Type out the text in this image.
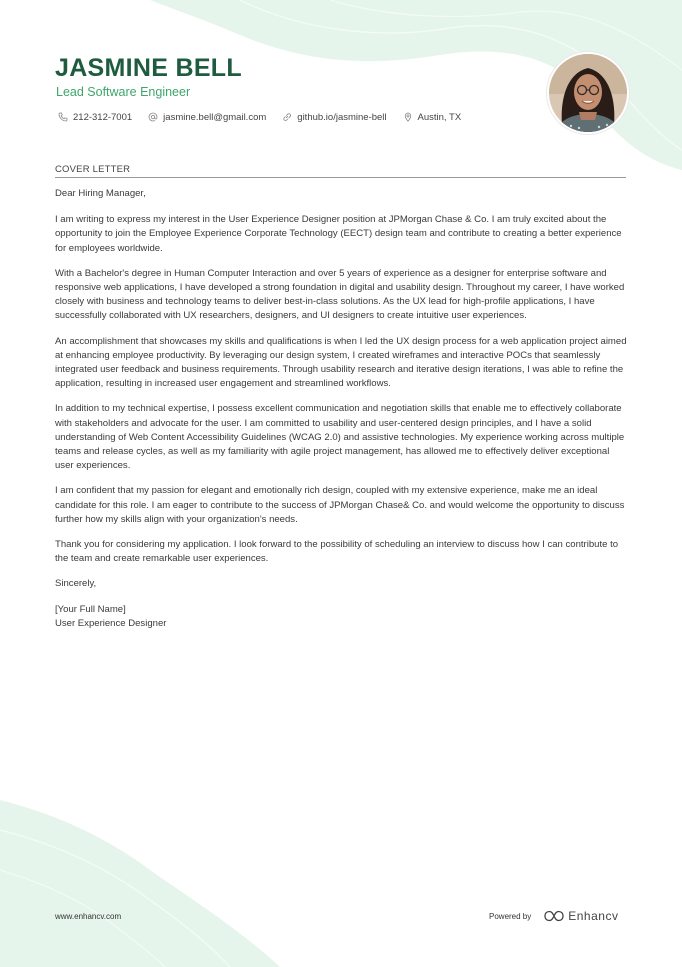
JASMINE BELL
Lead Software Engineer
212-312-7001	jasmine.bell@gmail.com	github.io/jasmine-bell	Austin, TX
COVER LETTER

Dear Hiring Manager,

I am writing to express my interest in the User Experience Designer position at JPMorgan Chase & Co. I am truly excited about the opportunity to join the Employee Experience Corporate Technology (EECT) design team and contribute to creating a better experience for employees worldwide.

With a Bachelor's degree in Human Computer Interaction and over 5 years of experience as a designer for enterprise software and responsive web applications, I have developed a strong foundation in digital and usability design. Throughout my career, I have worked closely with business and technology teams to deliver best-in-class solutions. As the UX lead for high-profile applications, I have successfully collaborated with UX researchers, designers, and UI designers to create intuitive user experiences.

An accomplishment that showcases my skills and qualifications is when I led the UX design process for a web application project aimed at enhancing employee productivity. By leveraging our design system, I created wireframes and interactive POCs that seamlessly integrated user feedback and business requirements. Through usability research and iterative design iterations, I was able to refine the application, resulting in increased user engagement and streamlined workflows.

In addition to my technical expertise, I possess excellent communication and negotiation skills that enable me to effectively collaborate with stakeholders and advocate for the user. I am committed to usability and user-centered design principles, and I have a solid understanding of Web Content Accessibility Guidelines (WCAG 2.0) and assistive technologies. My experience working across multiple teams and release cycles, as well as my familiarity with agile project management, has allowed me to effectively deliver exceptional user experiences.

I am confident that my passion for elegant and emotionally rich design, coupled with my extensive experience, make me an ideal candidate for this role. I am eager to contribute to the success of JPMorgan Chase& Co. and would welcome the opportunity to discuss further how my skills align with your organization's needs.

Thank you for considering my application. I look forward to the possibility of scheduling an interview to discuss how I can contribute to the team and create remarkable user experiences.

Sincerely,

[Your Full Name]

User Experience Designer

www.enhancv.com	Powered by	Enhancv
